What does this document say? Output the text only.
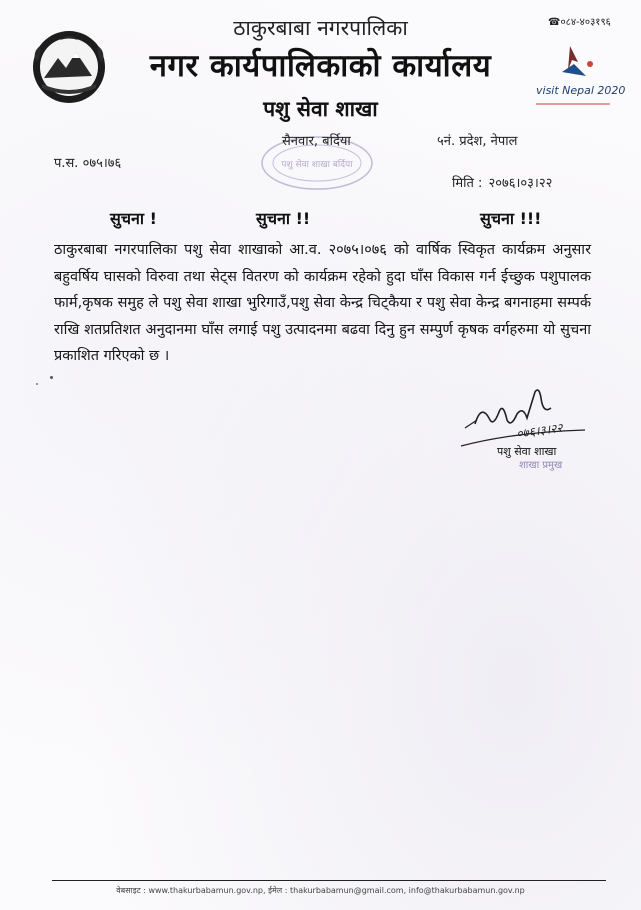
☎०८४-४०३१९६
visit Nepal 2020
ठाकुरबाबा नगरपालिका
नगर कार्यपालिकाको कार्यालय
पशु सेवा शाखा
पशु सेवा शाखा बर्दिया
सैनवार, बर्दिया	५नं. प्रदेश, नेपाल
प.स. ०७५।७६
मिति : २०७६।०३।२२
सुचना !	सुचना !!	सुचना !!!

ठाकुरबाबा नगरपालिका पशु सेवा शाखाको आ.व. २०७५।०७६ को वार्षिक स्विकृत कार्यक्रम अनुसार बहुवर्षिय घासको विरुवा तथा सेट्स वितरण को कार्यक्रम रहेको हुदा घाँस विकास गर्न ईच्छुक पशुपालक फार्म,कृषक समुह ले पशु सेवा शाखा भुरिगाउँ,पशु सेवा केन्द्र चिट्कैया र पशु सेवा केन्द्र बगनाहमा सम्पर्क राखि शतप्रतिशत अनुदानमा घाँस लगाई पशु उत्पादनमा बढवा दिनु हुन सम्पुर्ण कृषक वर्गहरुमा यो सुचना प्रकाशित गरिएको छ ।

०७६।३।२२
पशु सेवा शाखा
शाखा प्रमुख
वेबसाइट : www.thakurbabamun.gov.np, ईमेल : thakurbabamun@gmail.com, info@thakurbabamun.gov.np
